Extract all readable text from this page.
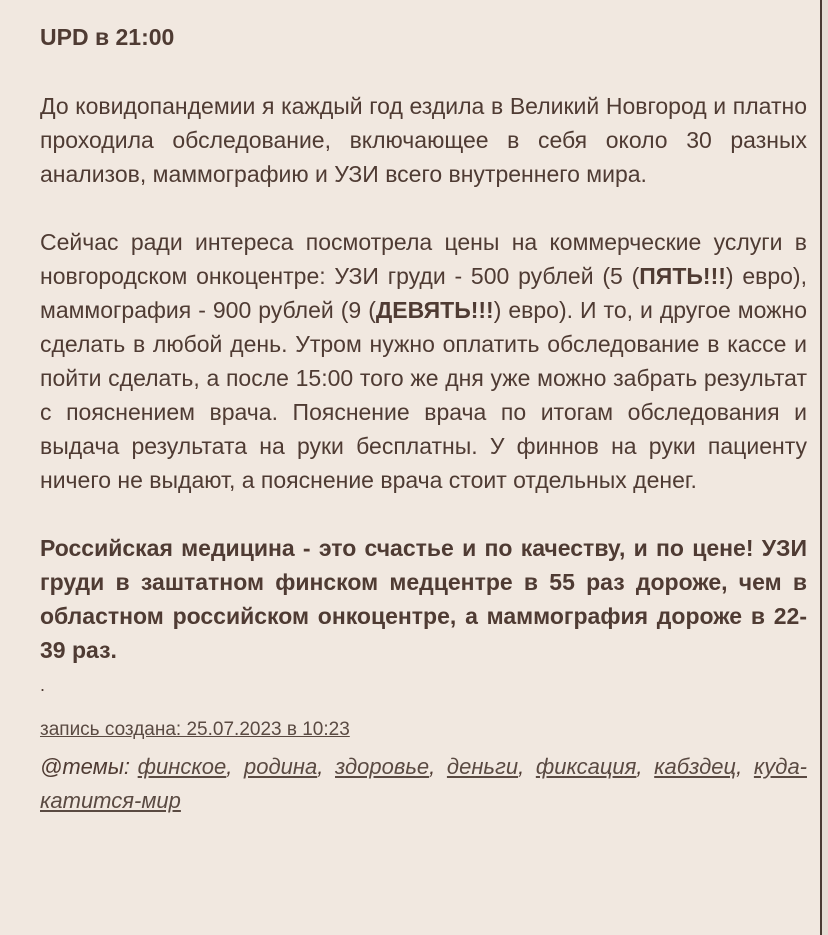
UPD в 21:00
До ковидопандемии я каждый год ездила в Великий Новгород и платно проходила обследование, включающее в себя около 30 разных анализов, маммографию и УЗИ всего внутреннего мира.
Сейчас ради интереса посмотрела цены на коммерческие услуги в новгородском онкоцентре: УЗИ груди - 500 рублей (5 (ПЯТЬ!!!) евро), маммография - 900 рублей (9 (ДЕВЯТЬ!!!) евро). И то, и другое можно сделать в любой день. Утром нужно оплатить обследование в кассе и пойти сделать, а после 15:00 того же дня уже можно забрать результат с пояснением врача. Пояснение врача по итогам обследования и выдача результата на руки бесплатны. У финнов на руки пациенту ничего не выдают, а пояснение врача стоит отдельных денег.
Российская медицина - это счастье и по качеству, и по цене! УЗИ груди в заштатном финском медцентре в 55 раз дороже, чем в областном российском онкоцентре, а маммография дороже в 22-39 раз.
.
запись создана: 25.07.2023 в 10:23
@темы: финское, родина, здоровье, деньги, фиксация, кабздец, куда-катится-мир
